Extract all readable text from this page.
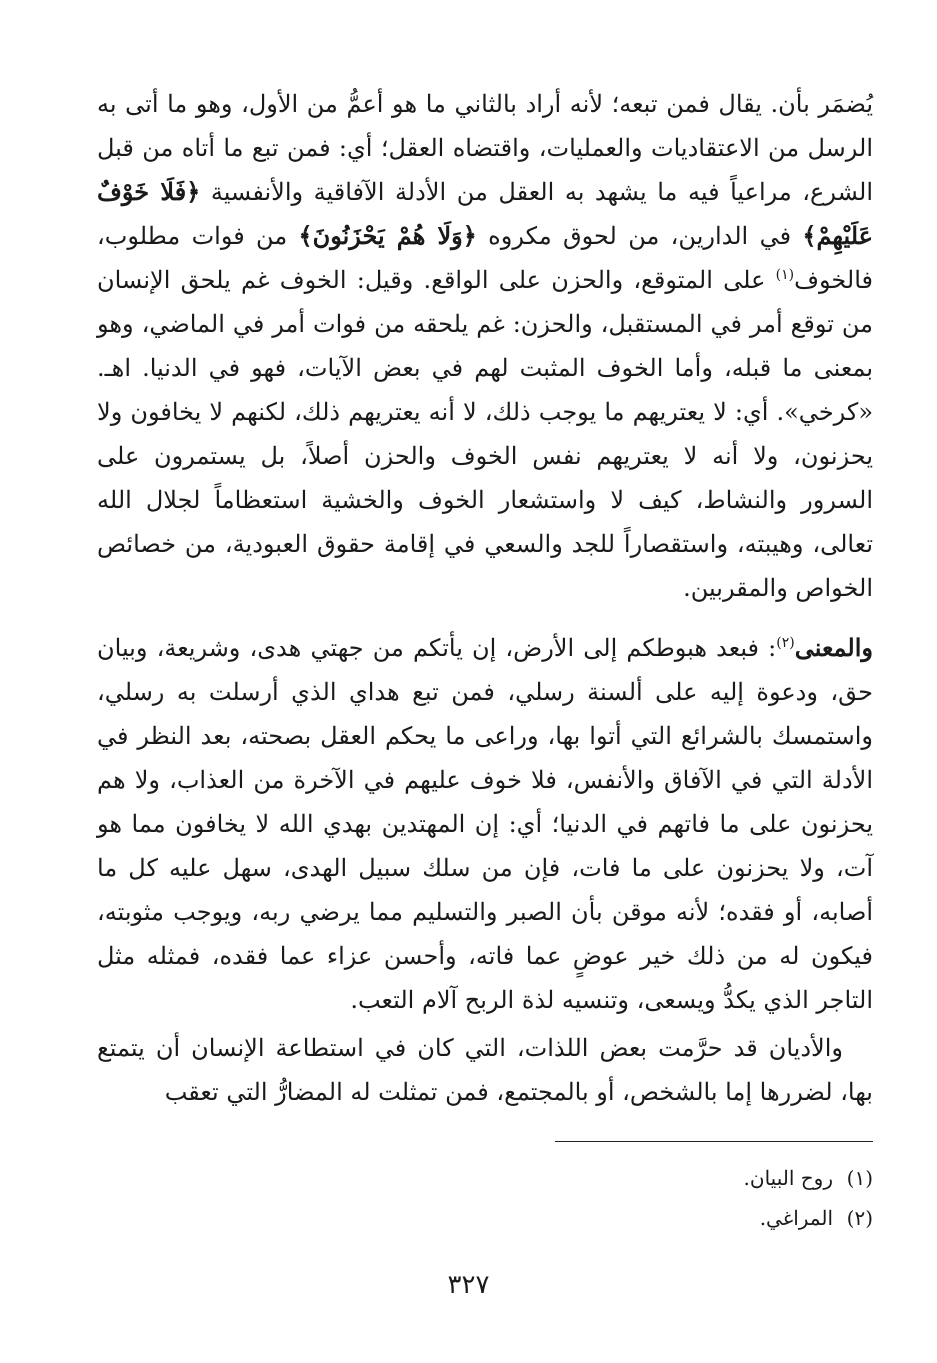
يُضمَر بأن. يقال فمن تبعه؛ لأنه أراد بالثاني ما هو أعمُّ من الأول، وهو ما أتى به الرسل من الاعتقاديات والعمليات، واقتضاه العقل؛ أي: فمن تبع ما أتاه من قبل الشرع، مراعياً فيه ما يشهد به العقل من الأدلة الآفاقية والأنفسية ﴿فَلَا خَوْفٌ عَلَيْهِمْ﴾ في الدارين، من لحوق مكروه ﴿وَلَا هُمْ يَحْزَنُونَ﴾ من فوات مطلوب، فالخوف$^{(١)}$ على المتوقع، والحزن على الواقع. وقيل: الخوف غم يلحق الإنسان من توقع أمر في المستقبل، والحزن: غم يلحقه من فوات أمر في الماضي، وهو بمعنى ما قبله، وأما الخوف المثبت لهم في بعض الآيات، فهو في الدنيا. اهـ. «كرخي». أي: لا يعتريهم ما يوجب ذلك، لا أنه يعتريهم ذلك، لكنهم لا يخافون ولا يحزنون، ولا أنه لا يعتريهم نفس الخوف والحزن أصلاً، بل يستمرون على السرور والنشاط، كيف لا واستشعار الخوف والخشية استعظاماً لجلال الله تعالى، وهيبته، واستقصاراً للجد والسعي في إقامة حقوق العبودية، من خصائص الخواص والمقربين.

والمعنى$^{(٢)}$: فبعد هبوطكم إلى الأرض، إن يأتكم من جهتي هدى، وشريعة، وبيان حق، ودعوة إليه على ألسنة رسلي، فمن تبع هداي الذي أرسلت به رسلي، واستمسك بالشرائع التي أتوا بها، وراعى ما يحكم العقل بصحته، بعد النظر في الأدلة التي في الآفاق والأنفس، فلا خوف عليهم في الآخرة من العذاب، ولا هم يحزنون على ما فاتهم في الدنيا؛ أي: إن المهتدين بهدي الله لا يخافون مما هو آت، ولا يحزنون على ما فات، فإن من سلك سبيل الهدى، سهل عليه كل ما أصابه، أو فقده؛ لأنه موقن بأن الصبر والتسليم مما يرضي ربه، ويوجب مثوبته، فيكون له من ذلك خير عوضٍ عما فاته، وأحسن عزاء عما فقده، فمثله مثل التاجر الذي يكدُّ ويسعى، وتنسيه لذة الربح آلام التعب.

والأديان قد حرَّمت بعض اللذات، التي كان في استطاعة الإنسان أن يتمتع بها، لضررها إما بالشخص، أو بالمجتمع، فمن تمثلت له المضارُّ التي تعقب

(١)روح البيان.
(٢)المراغي.
٣٢٧
